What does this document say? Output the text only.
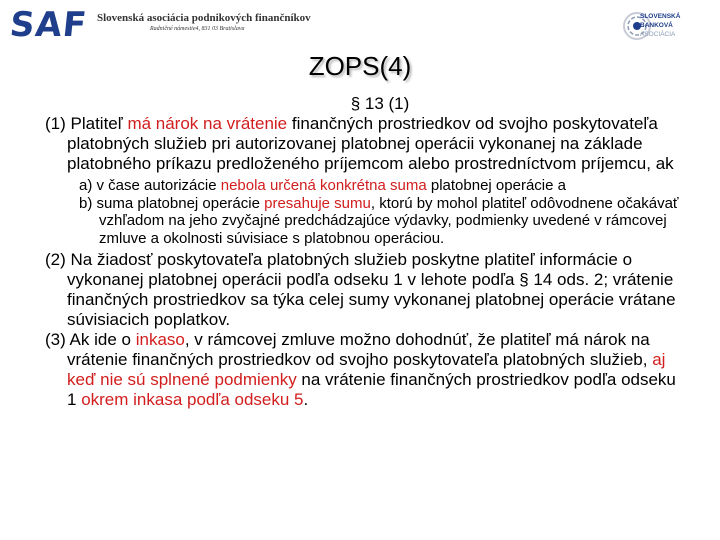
SAF Slovenská asociácia podnikových finančníkov
Radničné námestie4, 831 03 Bratislava
SLOVENSKÁ
BANKOVÁ
ASOCIÁCIA
ZOPS(4)
§ 13 (1)
(1) Platiteľ má nárok na vrátenie finančných prostriedkov od svojho poskytovateľa platobných služieb pri autorizovanej platobnej operácii vykonanej na základe platobného príkazu predloženého príjemcom alebo prostredníctvom príjemcu, ak
a) v čase autorizácie nebola určená konkrétna suma platobnej operácie a
b) suma platobnej operácie presahuje sumu, ktorú by mohol platiteľ odôvodnene očakávať vzhľadom na jeho zvyčajné predchádzajúce výdavky, podmienky uvedené v rámcovej zmluve a okolnosti súvisiace s platobnou operáciou.
(2) Na žiadosť poskytovateľa platobných služieb poskytne platiteľ informácie o vykonanej platobnej operácii podľa odseku 1 v lehote podľa § 14 ods. 2; vrátenie finančných prostriedkov sa týka celej sumy vykonanej platobnej operácie vrátane súvisiacich poplatkov.
(3) Ak ide o inkaso, v rámcovej zmluve možno dohodnúť, že platiteľ má nárok na vrátenie finančných prostriedkov od svojho poskytovateľa platobných služieb, aj keď nie sú splnené podmienky na vrátenie finančných prostriedkov podľa odseku 1 okrem inkasa podľa odseku 5.
